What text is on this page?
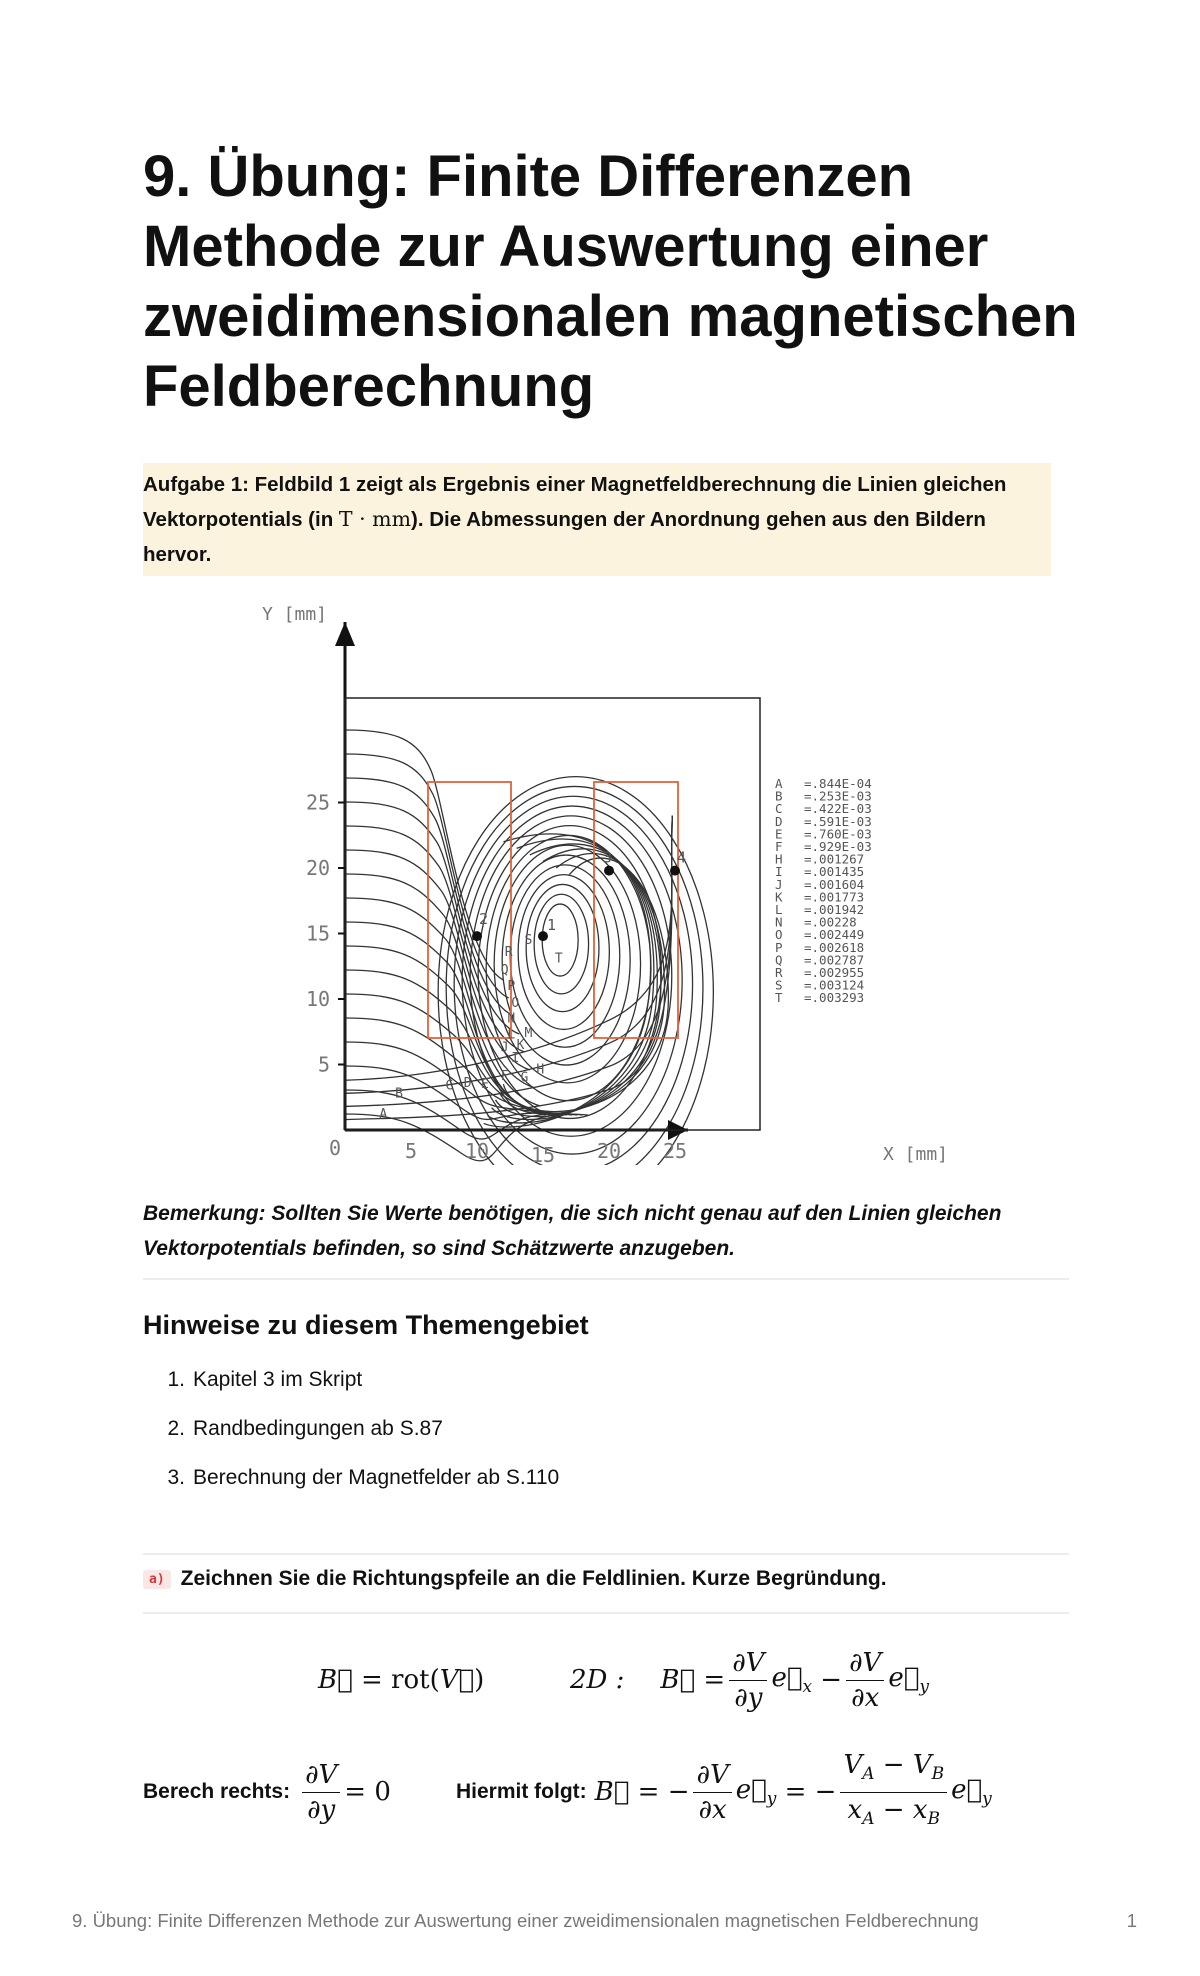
9. Übung: Finite Differenzen Methode zur Auswertung einer zweidimensionalen magnetischen Feldberechnung
Aufgabe 1: Feldbild 1 zeigt als Ergebnis einer Magnetfeldberechnung die Linien gleichen Vektorpotentials (in T · mm). Die Abmessungen der Anordnung gehen aus den Bildern hervor.
Y [mm]
X [mm]
0	5 10 15 20 25
5
10
15
20
25
1
2
3	4
A
B
C D E
F G
H
I
J K
L M
N
O
P
Q
R
S
T
A =.844E-04
B =.253E-03
C =.422E-03
D =.591E-03
E =.760E-03
F =.929E-03
H =.001267
I =.001435
J =.001604
K =.001773
L =.001942
N =.00228
O =.002449
P =.002618
Q =.002787
R =.002955
S =.003124
T =.003293
Bemerkung: Sollten Sie Werte benötigen, die sich nicht genau auf den Linien gleichen Vektorpotentials befinden, so sind Schätzwerte anzugeben.
Hinweise zu diesem Themengebiet
1. Kapitel 3 im Skript
2. Randbedingungen ab S.87
3. Berechnung der Magnetfelder ab S.110
a) Zeichnen Sie die Richtungspfeile an die Feldlinien. Kurze Begründung.
B⃗ = rot(V⃗)	2D : B⃗
= $\frac{\partial V}{\partial y}$ $e⃗_x$
− $\frac{\partial V}{\partial x}$ $e⃗_y$
Berech rechts: $\frac{\partial V}{\partial y} = 0$	Hiermit folgt: B⃗
= − $\frac{\partial V}{\partial x}$ $e⃗_y$
= − $\frac{V_A - V_B}{x_A - x_B}$ $e⃗_y$
9. Übung: Finite Differenzen Methode zur Auswertung einer zweidimensionalen magnetischen Feldberechnung	1
